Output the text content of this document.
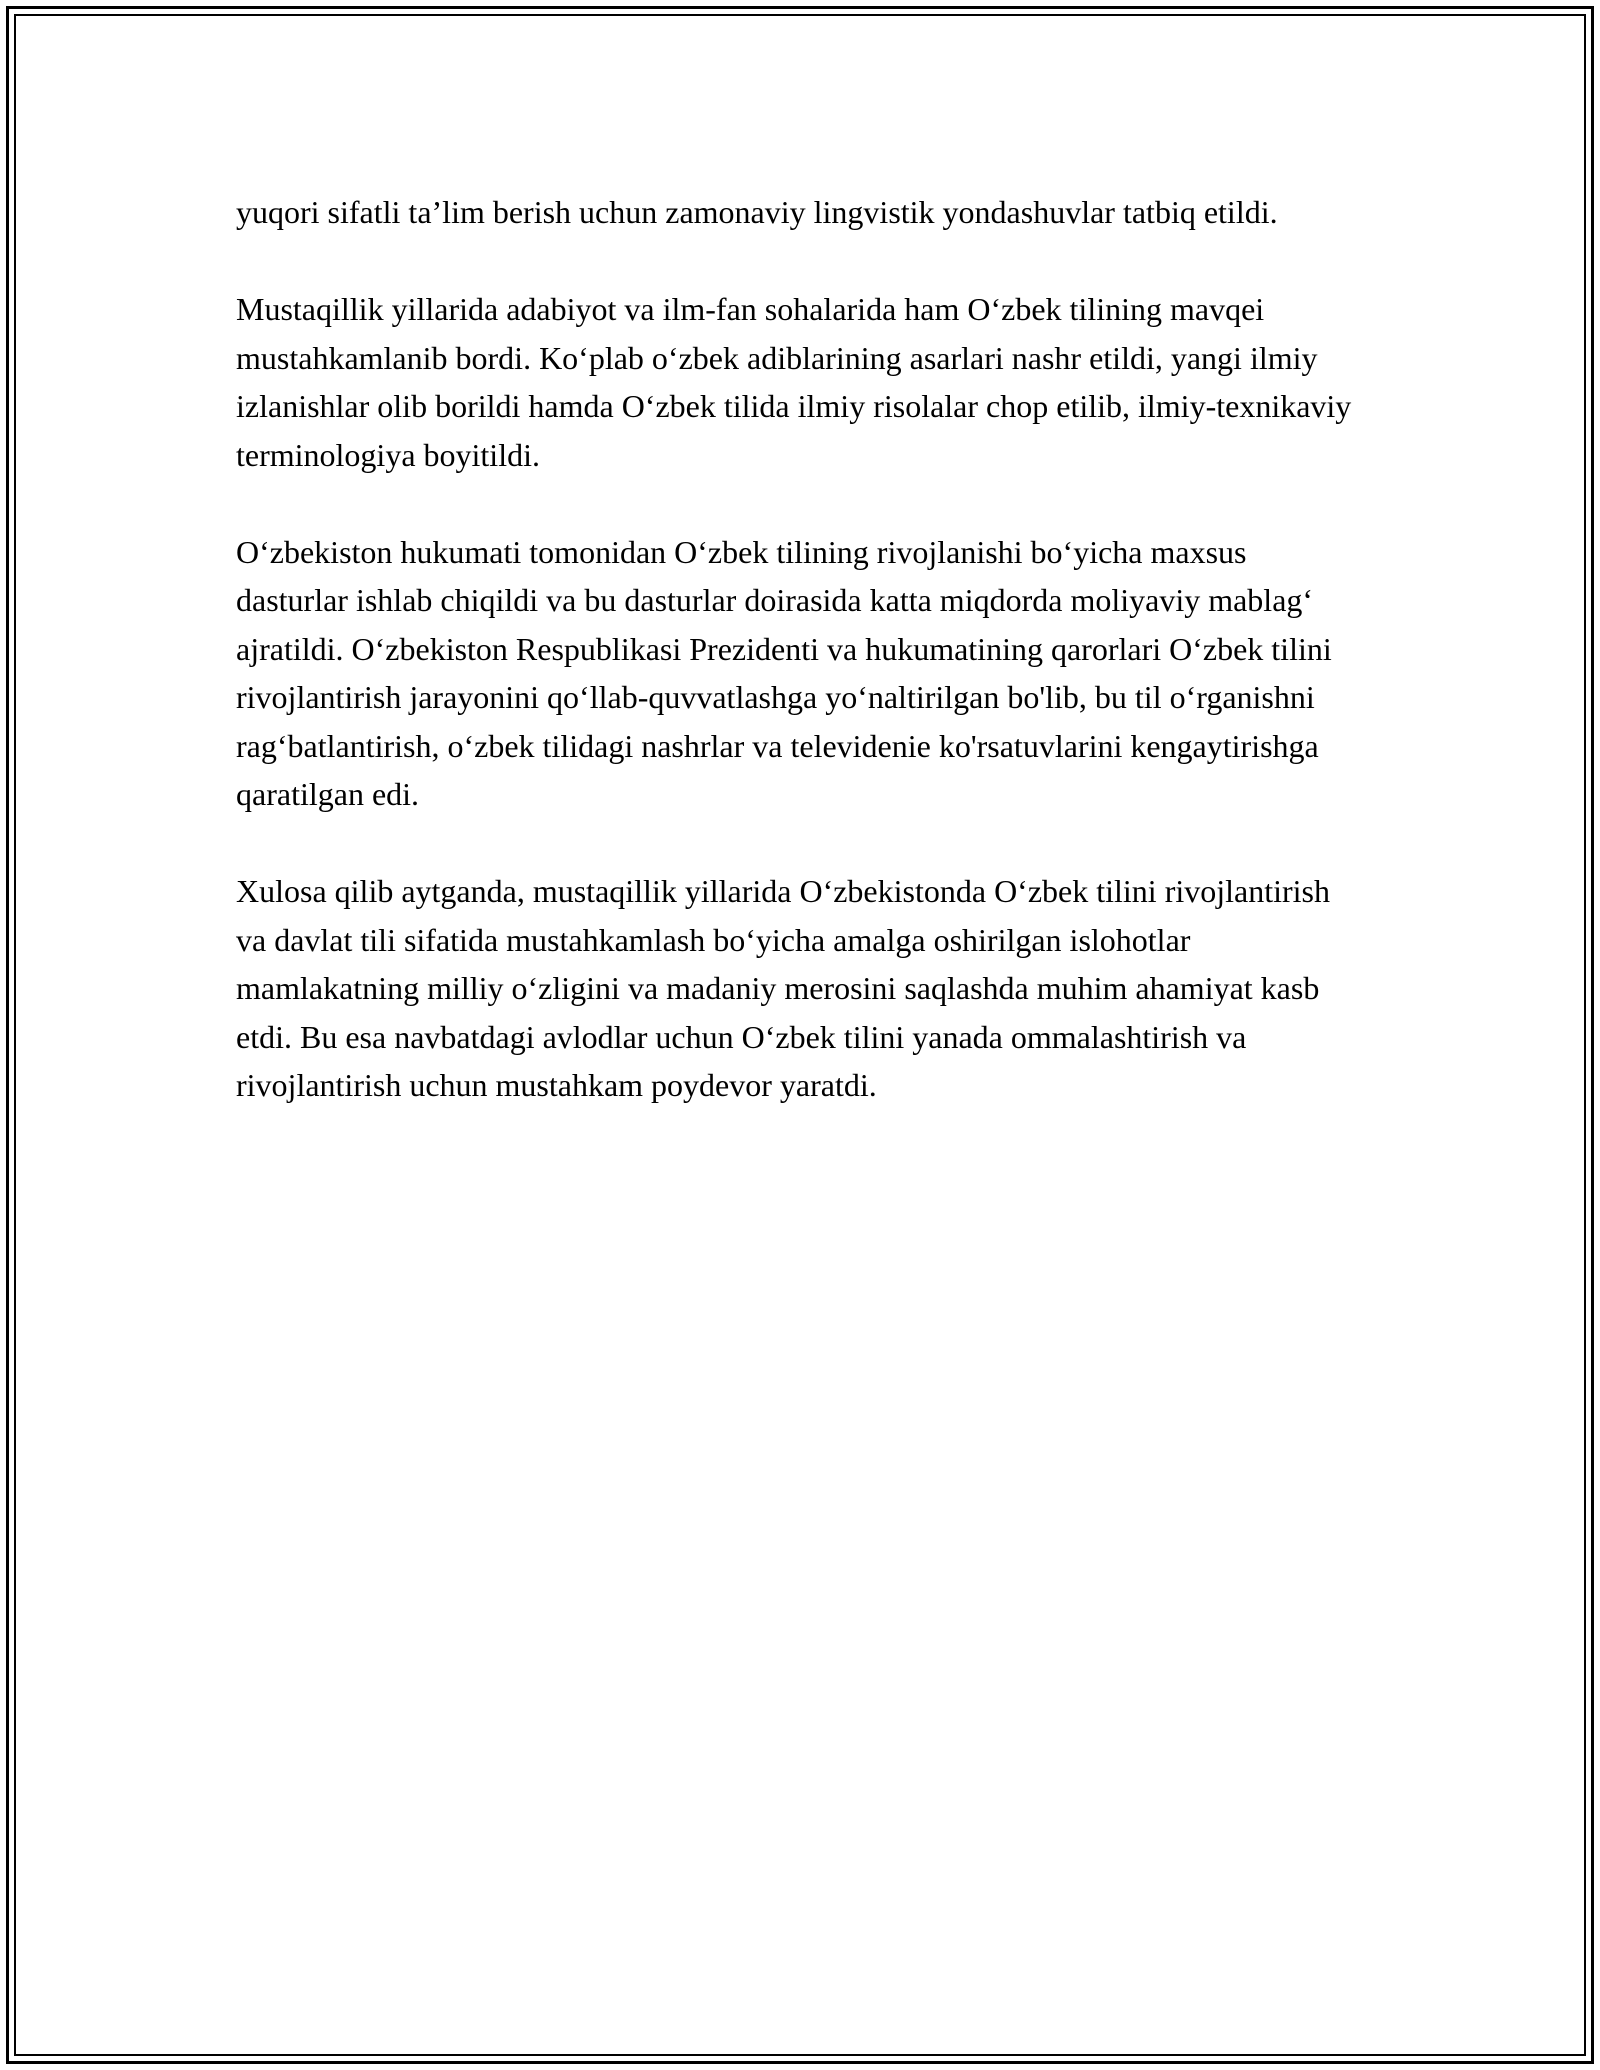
yuqori sifatli ta’lim berish uchun zamonaviy lingvistik yondashuvlar tatbiq etildi.

Mustaqillik yillarida adabiyot va ilm-fan sohalarida ham O‘zbek tilining mavqei mustahkamlanib bordi. Ko‘plab o‘zbek adiblarining asarlari nashr etildi, yangi ilmiy izlanishlar olib borildi hamda O‘zbek tilida ilmiy risolalar chop etilib, ilmiy-texnikaviy terminologiya boyitildi.

O‘zbekiston hukumati tomonidan O‘zbek tilining rivojlanishi bo‘yicha maxsus dasturlar ishlab chiqildi va bu dasturlar doirasida katta miqdorda moliyaviy mablag‘ ajratildi. O‘zbekiston Respublikasi Prezidenti va hukumatining qarorlari O‘zbek tilini rivojlantirish jarayonini qo‘llab-quvvatlashga yo‘naltirilgan bo'lib, bu til o‘rganishni rag‘batlantirish, o‘zbek tilidagi nashrlar va televidenie ko'rsatuvlarini kengaytirishga qaratilgan edi.

Xulosa qilib aytganda, mustaqillik yillarida O‘zbekistonda O‘zbek tilini rivojlantirish va davlat tili sifatida mustahkamlash bo‘yicha amalga oshirilgan islohotlar mamlakatning milliy o‘zligini va madaniy merosini saqlashda muhim ahamiyat kasb etdi. Bu esa navbatdagi avlodlar uchun O‘zbek tilini yanada ommalashtirish va rivojlantirish uchun mustahkam poydevor yaratdi.
